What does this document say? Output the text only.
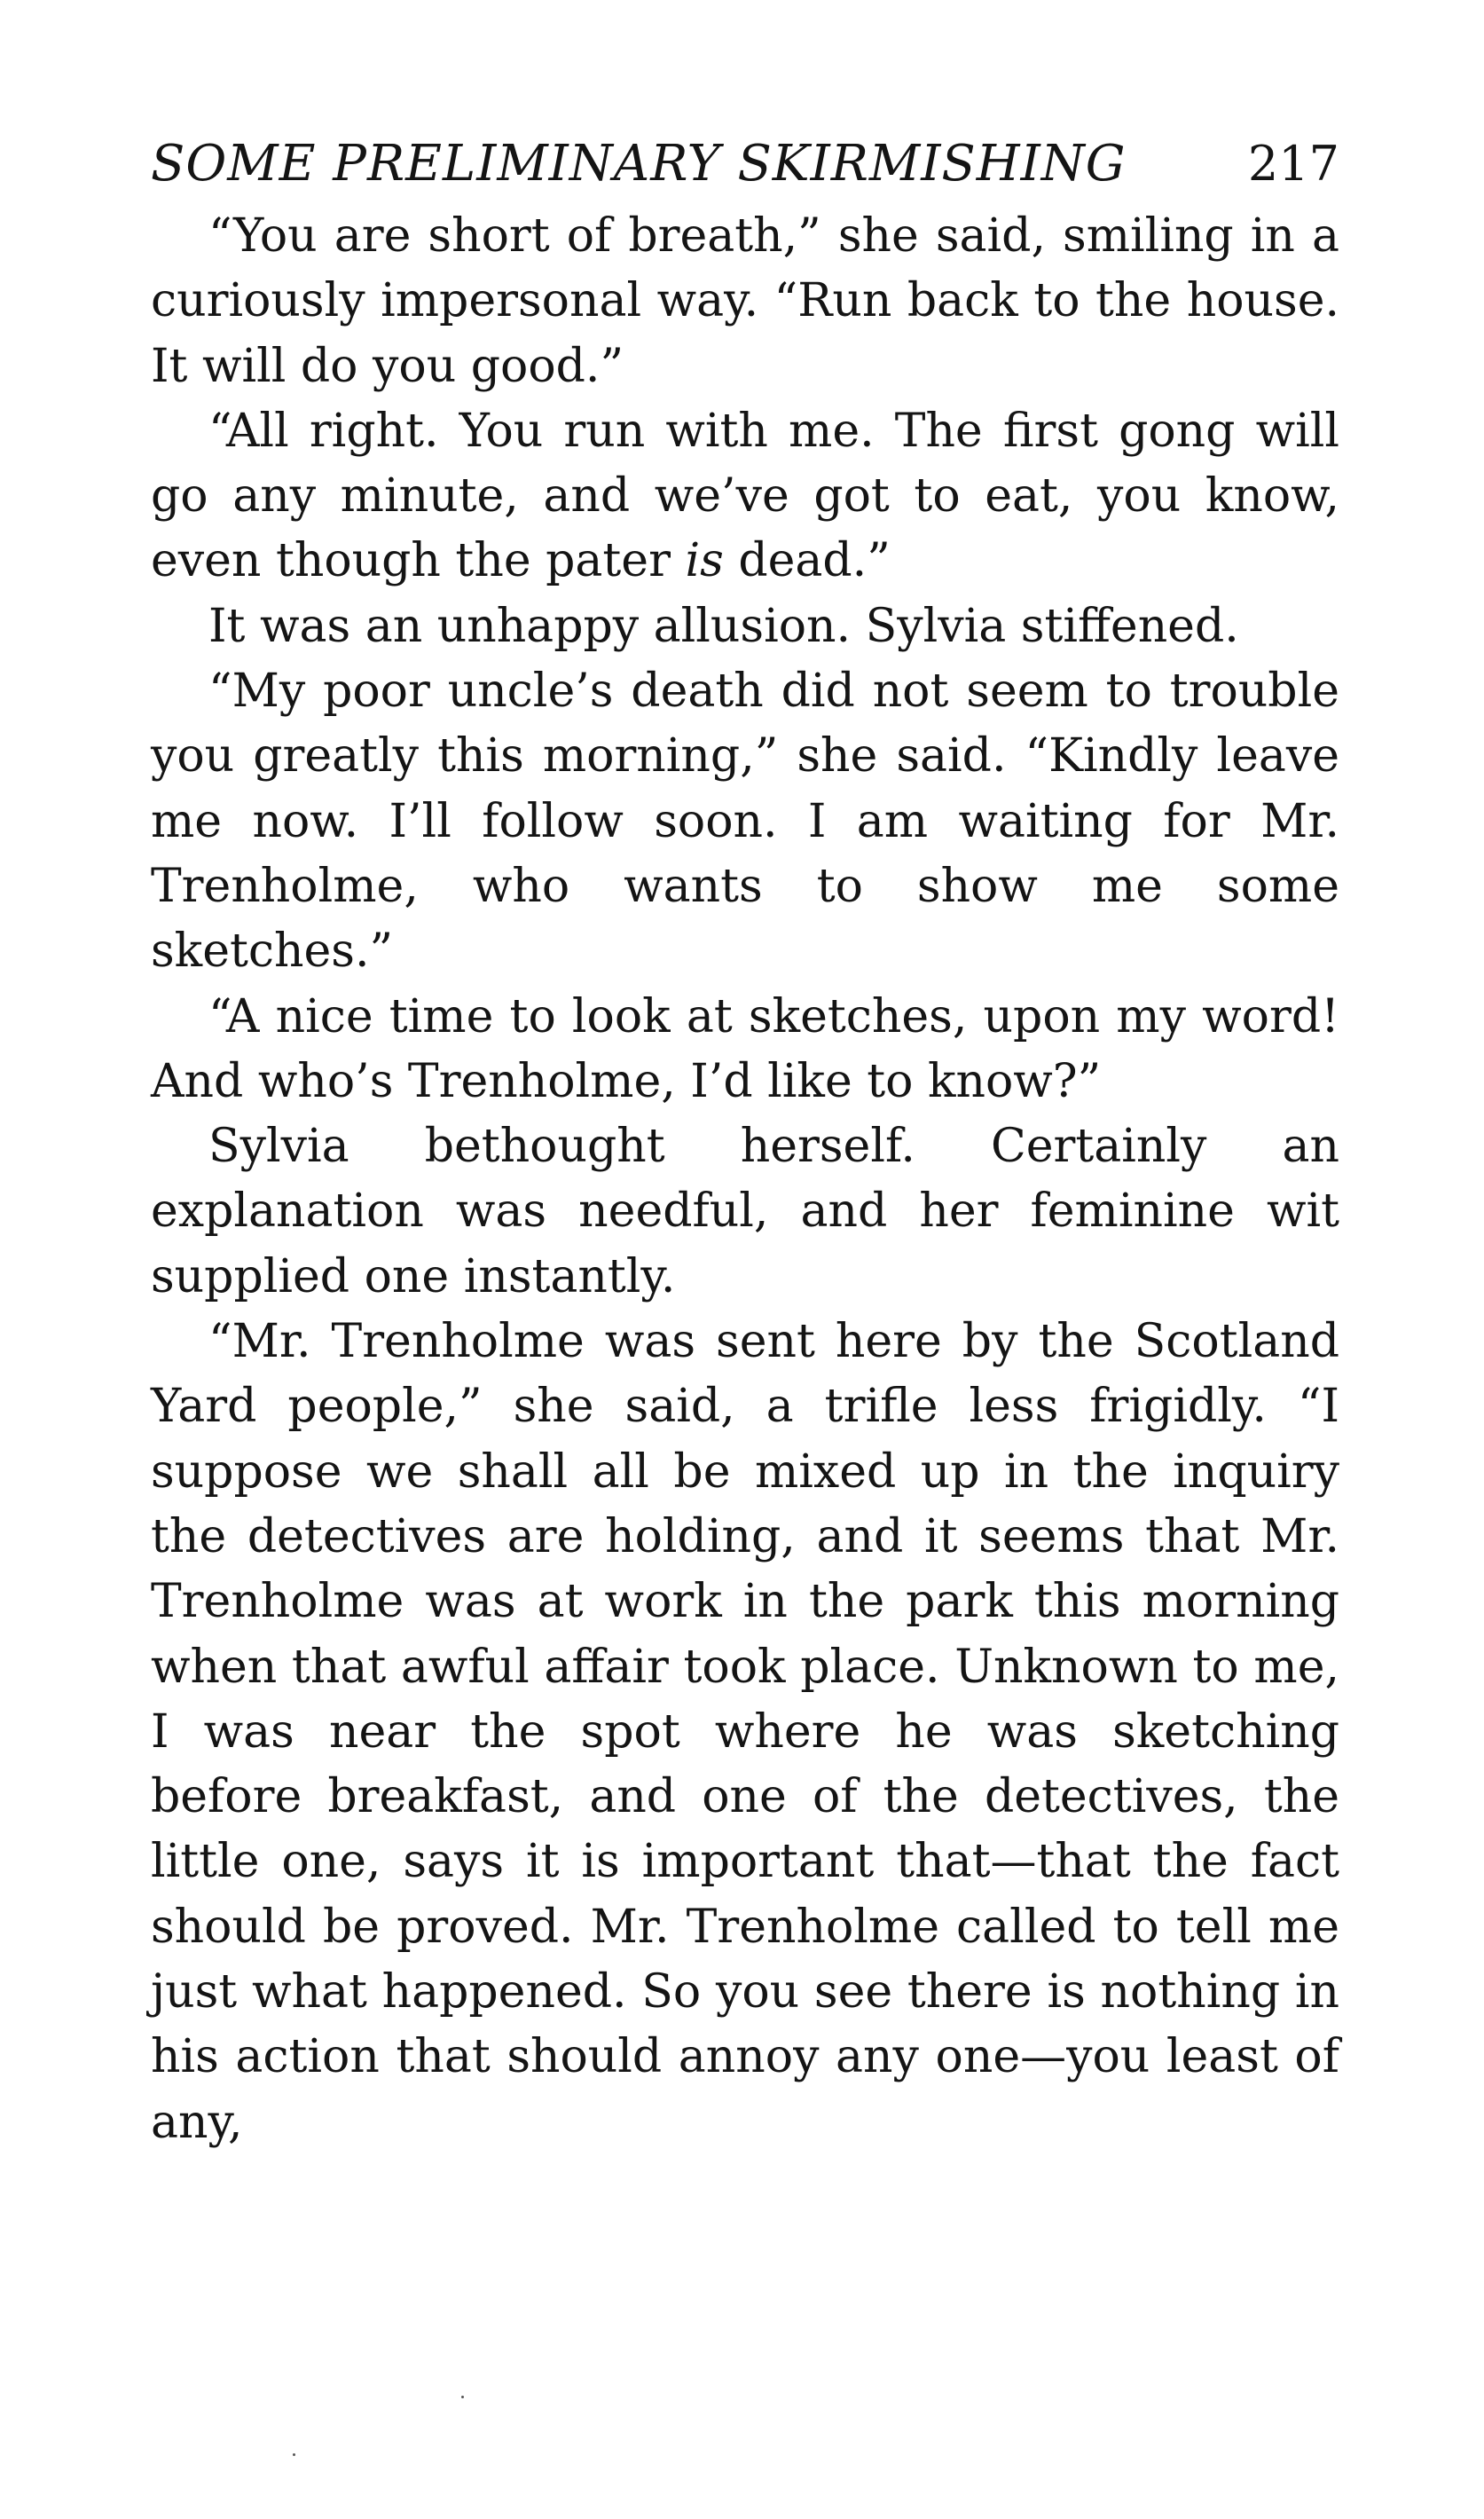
SOME PRELIMINARY SKIRMISHING	217

“You are short of breath,” she said, smiling in a curiously impersonal way. “Run back to the house. It will do you good.”

“All right. You run with me. The first gong will go any minute, and we’ve got to eat, you know, even though the pater is dead.”

It was an unhappy allusion. Sylvia stiffened.

“My poor uncle’s death did not seem to trouble you greatly this morning,” she said. “Kindly leave me now. I’ll follow soon. I am waiting for Mr. Trenholme, who wants to show me some sketches.”

“A nice time to look at sketches, upon my word! And who’s Trenholme, I’d like to know?”

Sylvia bethought herself. Certainly an explanation was needful, and her feminine wit supplied one instantly.

“Mr. Trenholme was sent here by the Scotland Yard people,” she said, a trifle less frigidly. “I suppose we shall all be mixed up in the inquiry the detectives are holding, and it seems that Mr. Trenholme was at work in the park this morning when that awful affair took place. Unknown to me, I was near the spot where he was sketching before breakfast, and one of the detectives, the little one, says it is important that—that the fact should be proved. Mr. Trenholme called to tell me just what happened. So you see there is nothing in his action that should annoy any one—you least of any,
